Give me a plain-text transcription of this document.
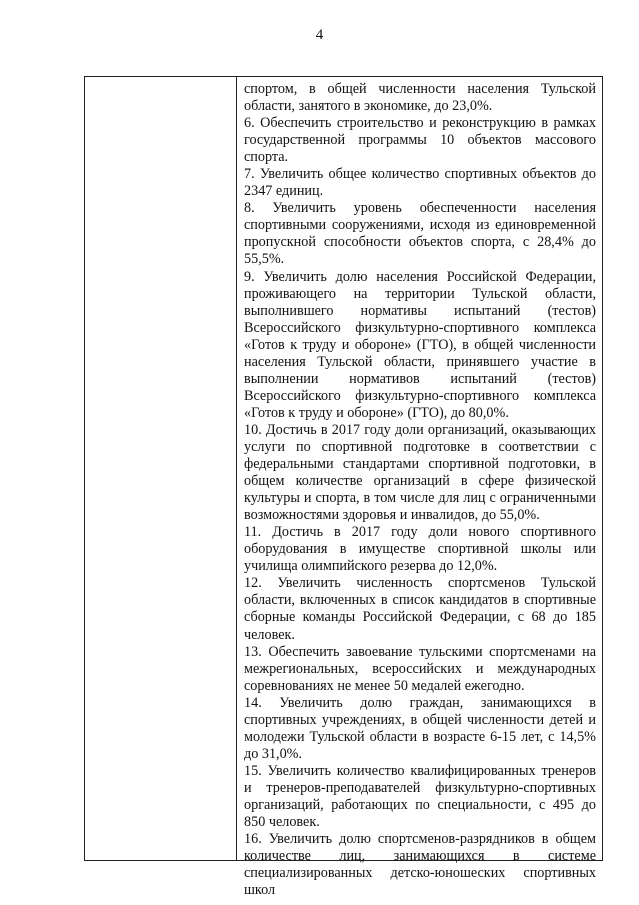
4

спортом, в общей численности населения Тульской области, занятого в экономике, до 23,0%.

6. Обеспечить строительство и реконструкцию в рамках государственной программы 10 объектов массового спорта.

7. Увеличить общее количество спортивных объектов до 2347 единиц.

8. Увеличить уровень обеспеченности населения спортивными сооружениями, исходя из единовременной пропускной способности объектов спорта, с 28,4% до 55,5%.

9. Увеличить долю населения Российской Федерации, проживающего на территории Тульской области, выполнившего нормативы испытаний (тестов) Всероссийского физкультурно-спортивного комплекса «Готов к труду и обороне» (ГТО), в общей численности населения Тульской области, принявшего участие в выполнении нормативов испытаний (тестов) Всероссийского физкультурно-спортивного комплекса «Готов к труду и обороне» (ГТО), до 80,0%.

10. Достичь в 2017 году доли организаций, оказывающих услуги по спортивной подготовке в соответствии с федеральными стандартами спортивной подготовки, в общем количестве организаций в сфере физической культуры и спорта, в том числе для лиц с ограниченными возможностями здоровья и инвалидов, до 55,0%.

11. Достичь в 2017 году доли нового спортивного оборудования в имуществе спортивной школы или училища олимпийского резерва до 12,0%.

12. Увеличить численность спортсменов Тульской области, включенных в список кандидатов в спортивные сборные команды Российской Федерации, с 68 до 185 человек.

13. Обеспечить завоевание тульскими спортсменами на межрегиональных, всероссийских и международных соревнованиях не менее 50 медалей ежегодно.

14. Увеличить долю граждан, занимающихся в спортивных учреждениях, в общей численности детей и молодежи Тульской области в возрасте 6-15 лет, с 14,5% до 31,0%.

15. Увеличить количество квалифицированных тренеров и тренеров-преподавателей физкультурно-спортивных организаций, работающих по специальности, с 495 до 850 человек.

16. Увеличить долю спортсменов-разрядников в общем количестве лиц, занимающихся в системе специализированных детско-юношеских спортивных школ
